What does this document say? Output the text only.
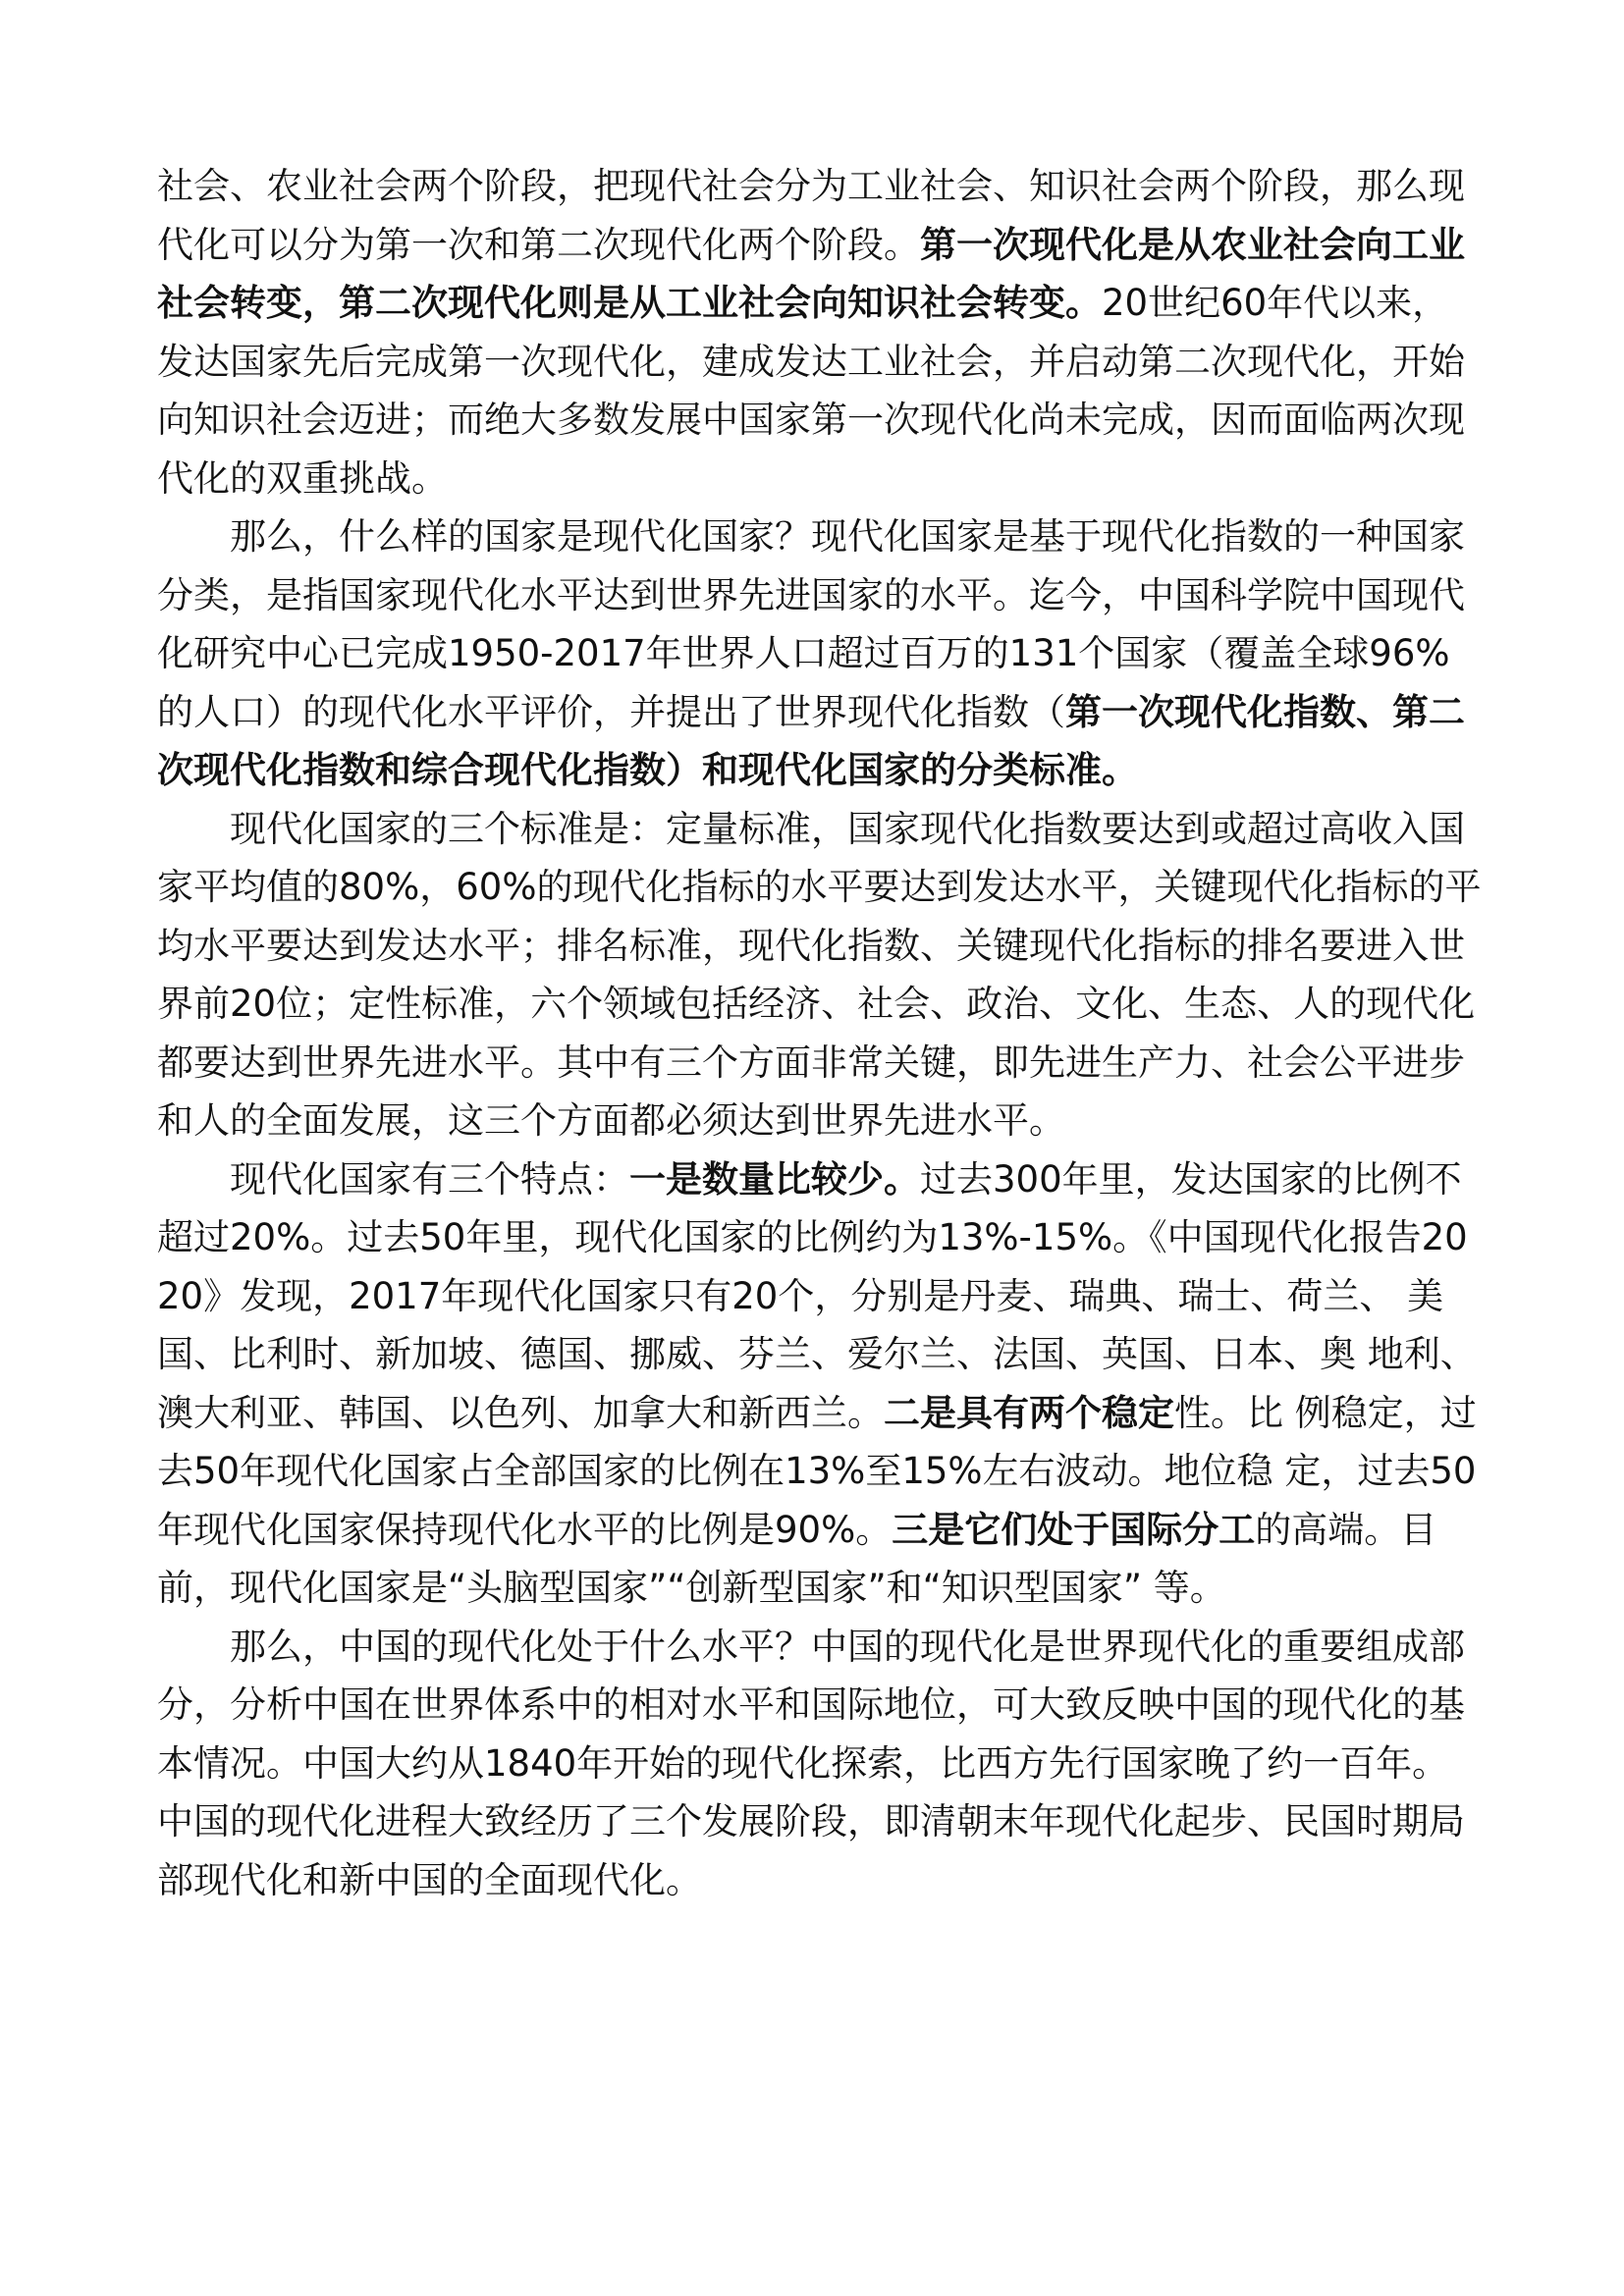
社会、农业社会两个阶段，把现代社会分为工业社会、知识社会两个阶段，那么现代化可以分为第一次和第二次现代化两个阶段。第一次现代化是从农业社会向工业社会转变，第二次现代化则是从工业社会向知识社会转变。20世纪60年代以来，发达国家先后完成第一次现代化，建成发达工业社会，并启动第二次现代化，开始向知识社会迈进；而绝大多数发展中国家第一次现代化尚未完成，因而面临两次现代化的双重挑战。

那么，什么样的国家是现代化国家？现代化国家是基于现代化指数的一种国家分类，是指国家现代化水平达到世界先进国家的水平。迄今，中国科学院中国现代化研究中心已完成1950-2017年世界人口超过百万的131个国家（覆盖全球96%的人口）的现代化水平评价，并提出了世界现代化指数（第一次现代化指数、第二次现代化指数和综合现代化指数）和现代化国家的分类标准。

现代化国家的三个标准是：定量标准，国家现代化指数要达到或超过高收入国家平均值的80%，60%的现代化指标的水平要达到发达水平，关键现代化指标的平均水平要达到发达水平；排名标准，现代化指数、关键现代化指标的排名要进入世界前20位；定性标准，六个领域包括经济、社会、政治、文化、生态、人的现代化都要达到世界先进水平。其中有三个方面非常关键，即先进生产力、社会公平进步和人的全面发展，这三个方面都必须达到世界先进水平。

现代化国家有三个特点：一是数量比较少。过去300年里，发达国家的比例不超过20%。过去50年里，现代化国家的比例约为13%-15%。《中国现代化报告2020》发现，2017年现代化国家只有20个，分别是丹麦、瑞典、瑞士、荷兰、 美国、比利时、新加坡、德国、挪威、芬兰、爱尔兰、法国、英国、日本、奥 地利、澳大利亚、韩国、以色列、加拿大和新西兰。二是具有两个稳定性。比 例稳定，过去50年现代化国家占全部国家的比例在13%至15%左右波动。地位稳 定，过去50年现代化国家保持现代化水平的比例是90%。三是它们处于国际分工的高端。目前，现代化国家是“头脑型国家”“创新型国家”和“知识型国家” 等。

那么，中国的现代化处于什么水平？中国的现代化是世界现代化的重要组成部分，分析中国在世界体系中的相对水平和国际地位，可大致反映中国的现代化的基本情况。中国大约从1840年开始的现代化探索，比西方先行国家晚了约一百年。中国的现代化进程大致经历了三个发展阶段，即清朝末年现代化起步、民国时期局部现代化和新中国的全面现代化。
